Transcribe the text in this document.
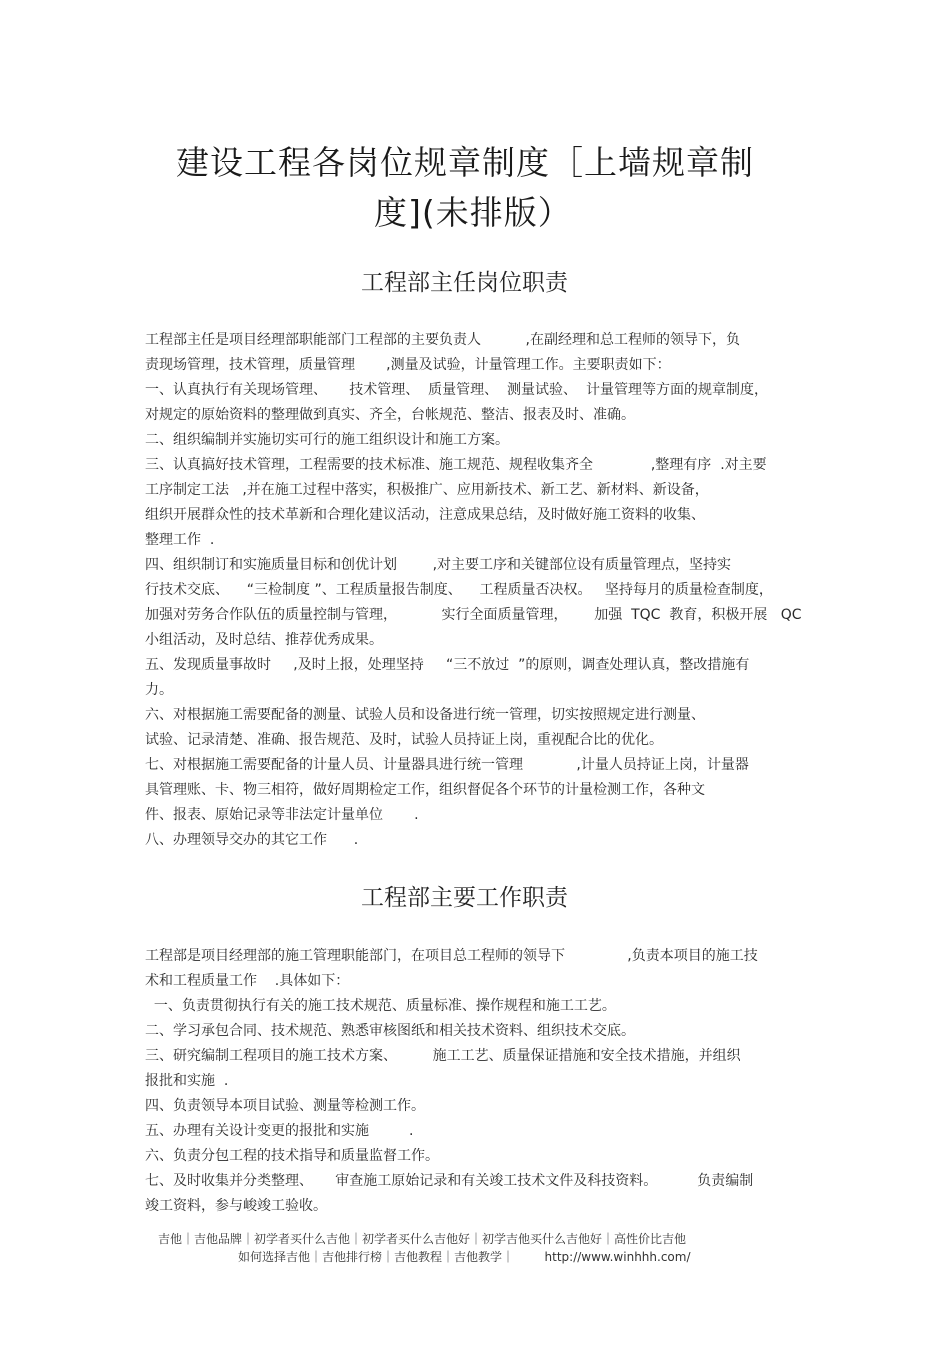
建设工程各岗位规章制度［上墙规章制
度](未排版）
工程部主任岗位职责
工程部主任是项目经理部职能部门工程部的主要负责人          ,在副经理和总工程师的领导下，负
责现场管理，技术管理，质量管理       ,测量及试验，计量管理工作。主要职责如下：
一、认真执行有关现场管理、     技术管理、  质量管理、  测量试验、  计量管理等方面的规章制度，
对规定的原始资料的整理做到真实、齐全，台帐规范、整洁、报表及时、准确。
二、组织编制并实施切实可行的施工组织设计和施工方案。
三、认真搞好技术管理，工程需要的技术标准、施工规范、规程收集齐全             ,整理有序  .对主要
工序制定工法   ,并在施工过程中落实，积极推广、应用新技术、新工艺、新材料、新设备，
组织开展群众性的技术革新和合理化建议活动，注意成果总结，及时做好施工资料的收集、
整理工作  .
四、组织制订和实施质量目标和创优计划        ,对主要工序和关键部位设有质量管理点，坚持实
行技术交底、    “三检制度 ”、工程质量报告制度、    工程质量否决权。   坚持每月的质量检查制度，
加强对劳务合作队伍的质量控制与管理，          实行全面质量管理，      加强  TQC  教育，积极开展   QC
小组活动，及时总结、推荐优秀成果。
五、发现质量事故时     ,及时上报，处理坚持     “三不放过  ”的原则，调查处理认真，整改措施有
力。
六、对根据施工需要配备的测量、试验人员和设备进行统一管理，切实按照规定进行测量、
试验、记录清楚、准确、报告规范、及时，试验人员持证上岗，重视配合比的优化。
七、对根据施工需要配备的计量人员、计量器具进行统一管理            ,计量人员持证上岗，计量器
具管理账、卡、物三相符，做好周期检定工作，组织督促各个环节的计量检测工作，各种文
件、报表、原始记录等非法定计量单位       .
八、办理领导交办的其它工作      .
工程部主要工作职责
工程部是项目经理部的施工管理职能部门，在项目总工程师的领导下              ,负责本项目的施工技
术和工程质量工作    .具体如下：
一、负责贯彻执行有关的施工技术规范、质量标准、操作规程和施工工艺。
二、学习承包合同、技术规范、熟悉审核图纸和相关技术资料、组织技术交底。
三、研究编制工程项目的施工技术方案、        施工工艺、质量保证措施和安全技术措施，并组织
报批和实施  .
四、负责领导本项目试验、测量等检测工作。
五、办理有关设计变更的报批和实施         .
六、负责分包工程的技术指导和质量监督工作。
七、及时收集并分类整理、     审查施工原始记录和有关竣工技术文件及科技资料。         负责编制
竣工资料，参与峻竣工验收。
吉他｜吉他品牌｜初学者买什么吉他｜初学者买什么吉他好｜初学吉他买什么吉他好｜高性价比吉他
如何选择吉他｜吉他排行榜｜吉他教程｜吉他教学｜        http://www.winhhh.com/
